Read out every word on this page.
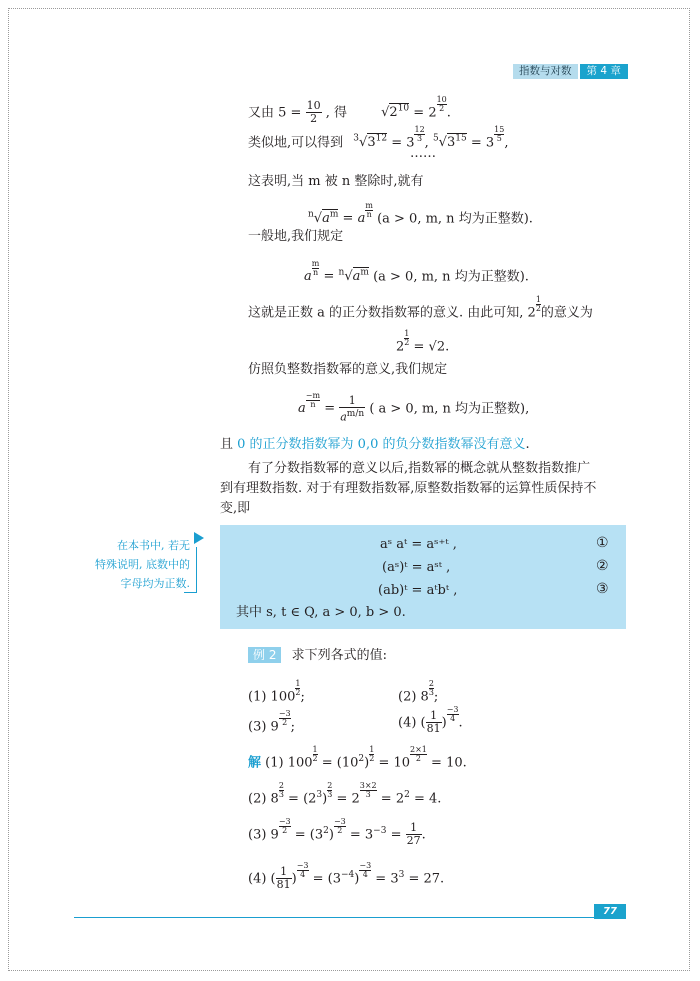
指数与对数	第 4 章
又由 $5 = \frac{10}{2}$ , 得	$√2^{10} = 2 \frac{10}{2}$ .
类似地,可以得到 $^3√3^{12} = 3 \frac{12}{3}$ , $^5√3^{15} = 3 \frac{15}{5}$ ,
……
这表明,当 m 被 n 整除时,就有
$^n√a^m = a \frac{m}{n} (a > 0$, m, n 均为正整数).
一般地,我们规定
a $\frac{m}{n} = ^n√a^m$ (a > 0, m, n 均为正整数).
这就是正数 a 的正分数指数幂的意义. 由此可知, $2 \frac{1}{2}$ 的意义为
$2 \frac{1}{2} = √2$.
仿照负整数指数幂的意义,我们规定
a $\frac{-m}{n} = \frac{1}{a^{m/n}}$ ( a > 0, m, n 均为正整数),
且 0 的正分数指数幂为 0,0 的负分数指数幂没有意义.
有了分数指数幂的意义以后,指数幂的概念就从整数指数推广
到有理数指数. 对于有理数指数幂,原整数指数幂的运算性质保持不
变,即
在本书中, 若无
特殊说明, 底数中的
字母均为正数.
aˢ aᵗ = aˢ⁺ᵗ ,	①
(aˢ)ᵗ = aˢᵗ ,	②
(ab)ᵗ = aᵗbᵗ ,	③
其中 s, t ∈ Q, a > 0, b > 0.
例 2 求下列各式的值:
(1) $100 \frac{1}{2}$ ;	(2) $8 \frac{2}{3}$ ;
(3) $9 \frac{-3}{2}$ ;	(4) ( $\frac{1}{81}$ ) $\frac{-3}{4}$ .
解 (1) $100 \frac{1}{2} = (10^2) \frac{1}{2} = 10 \frac{2\times 1}{2} = 10$.
(2) $8 \frac{2}{3} = (2^3) \frac{2}{3} = 2 \frac{3\times 2}{3} = 2^2 = 4$.
(3) $9 \frac{-3}{2} = (3^2) \frac{-3}{2} = 3^{-3} = \frac{1}{27}$ .
(4) ( $\frac{1}{81}$ ) $\frac{-3}{4} = (3^{-4}) \frac{-3}{4} = 3^3 = 27$.
77
